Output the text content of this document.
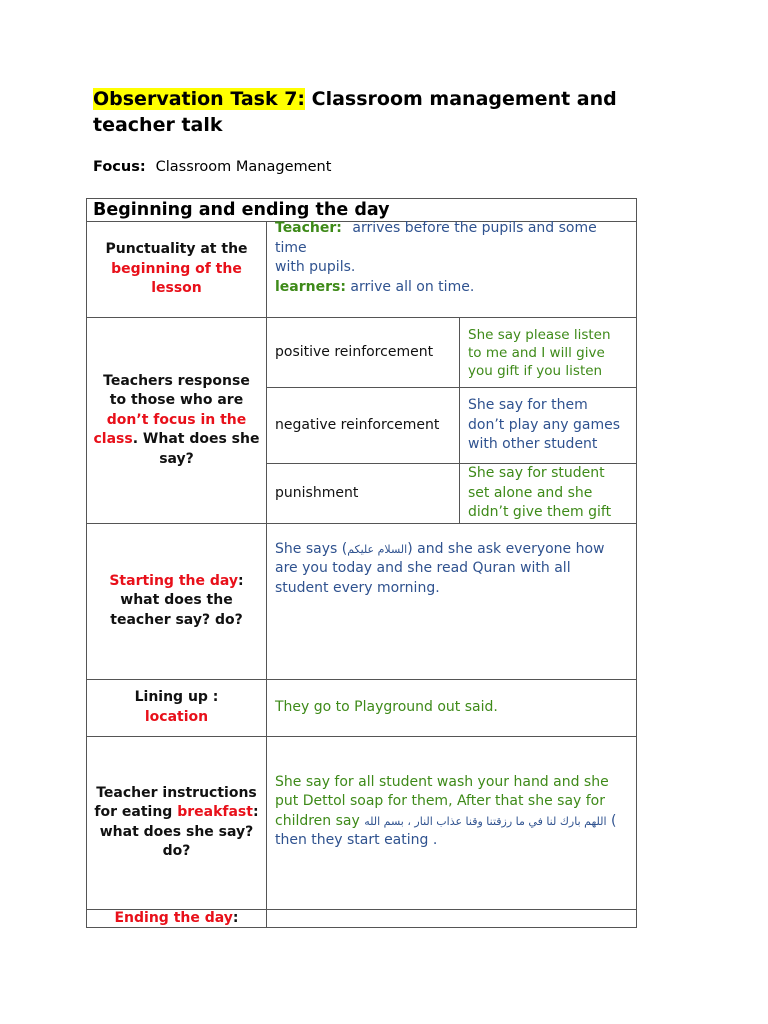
Observation Task 7: Classroom management and teacher talk
Focus: Classroom Management
Beginning and ending the day		
Punctuality at the
beginning of the lesson	Teacher: arrives before the pupils and some time
with pupils.
learners: arrive all on time.	

Teachers response to those who are don’t focus in the class. What does she say?	positive reinforcement	She say please listen to me and I will give you gift if you listen
	negative reinforcement	She say for them don’t play any games with other student
	punishment	She say for student set alone and she didn’t give them gift
Starting the day: what does the teacher say? do?	She says (السلام عليكم) and she ask everyone how are you today and she read Quran with all student every morning.	

Lining up :
location	They go to Playground out said.	
Teacher instructions for eating breakfast: what does she say? do?	She say for all student wash your hand and she put Dettol soap for them, After that she say for children say اللهم بارك لنا في ما رزقتنا وقنا عذاب النار ، بسم الله ( then they start eating .	

Ending the day:		
